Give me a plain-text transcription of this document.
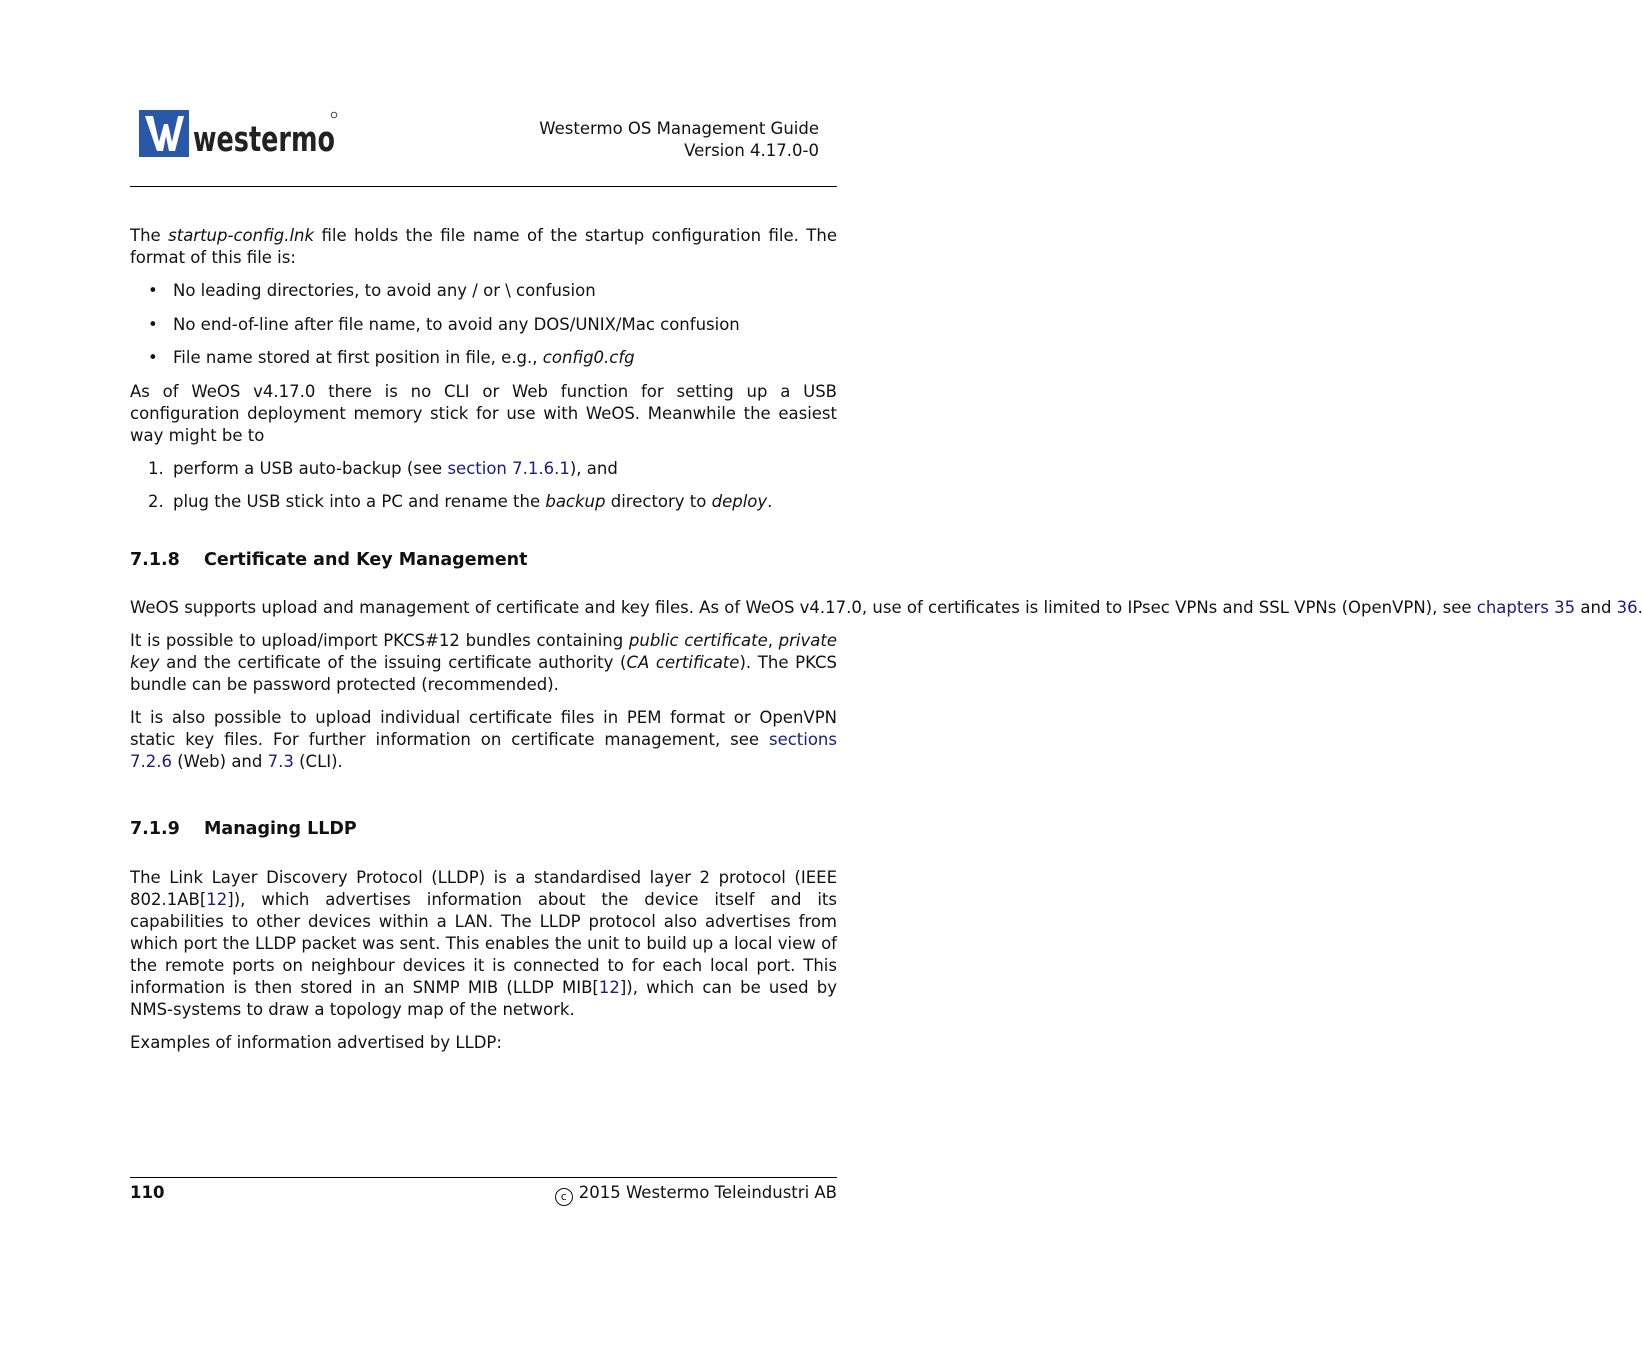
westermo	Westermo OS Management Guide
Version 4.17.0-0

The startup-config.lnk file holds the file name of the startup configuration file. The format of this file is:

• No leading directories, to avoid any / or \ confusion
• No end-of-line after file name, to avoid any DOS/UNIX/Mac confusion
• File name stored at first position in file, e.g., config0.cfg

As of WeOS v4.17.0 there is no CLI or Web function for setting up a USB configuration deployment memory stick for use with WeOS. Meanwhile the easiest way might be to

1. perform a USB auto-backup (see section 7.1.6.1), and
2. plug the USB stick into a PC and rename the backup directory to deploy.
7.1.8 Certificate and Key Management

WeOS supports upload and management of certificate and key files. As of WeOS v4.17.0, use of certificates is limited to IPsec VPNs and SSL VPNs (OpenVPN), see chapters 35 and 36.

It is possible to upload/import PKCS#12 bundles containing public certificate, private key and the certificate of the issuing certificate authority (CA certificate). The PKCS bundle can be password protected (recommended).

It is also possible to upload individual certificate files in PEM format or OpenVPN static key files. For further information on certificate management, see sections 7.2.6 (Web) and 7.3 (CLI).

7.1.9 Managing LLDP

The Link Layer Discovery Protocol (LLDP) is a standardised layer 2 protocol (IEEE 802.1AB[12]), which advertises information about the device itself and its capabilities to other devices within a LAN. The LLDP protocol also advertises from which port the LLDP packet was sent. This enables the unit to build up a local view of the remote ports on neighbour devices it is connected to for each local port. This information is then stored in an SNMP MIB (LLDP MIB[12]), which can be used by NMS-systems to draw a topology map of the network.

Examples of information advertised by LLDP:

110	c 2015 Westermo Teleindustri AB
